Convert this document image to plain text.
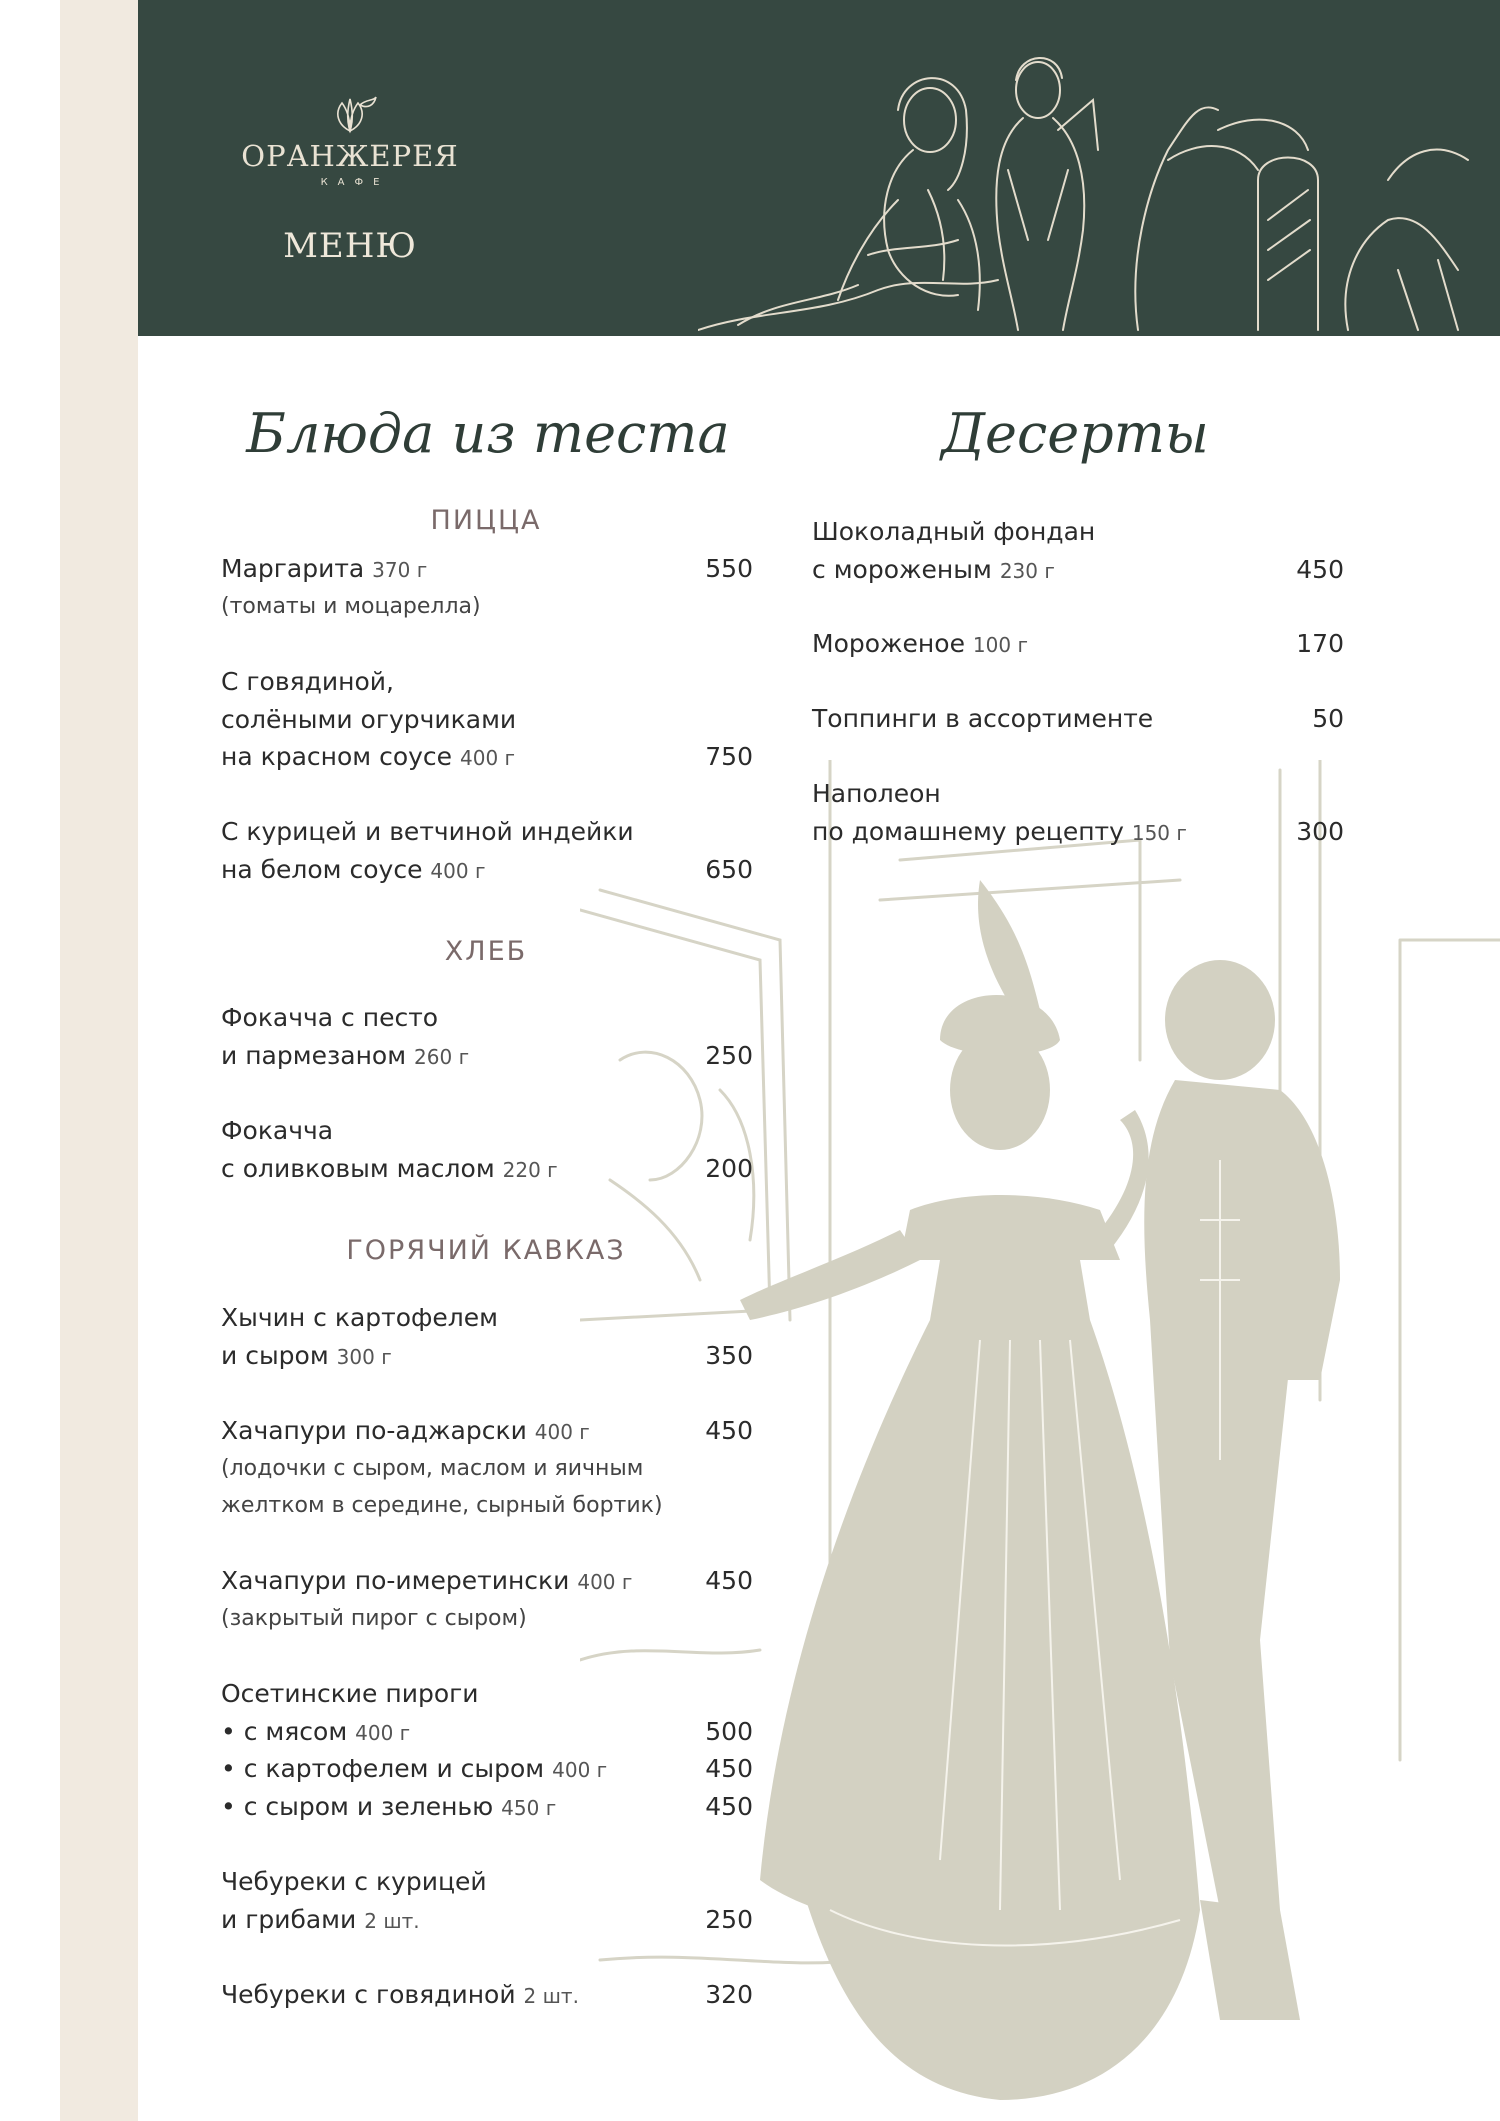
ОРАНЖЕРЕЯ
КАФЕ
МЕНЮ
Блюда из теста	Десерты
ПИЦЦА
Маргарита 370 г	550
(томаты и моцарелла)
С говядиной,
солёными огурчиками
на красном соусе 400 г	750
С курицей и ветчиной индейки
на белом соусе 400 г	650
ХЛЕБ
Фокачча с песто
и пармезаном 260 г	250
Фокачча
с оливковым маслом 220 г	200
ГОРЯЧИЙ КАВКАЗ
Хычин с картофелем
и сыром 300 г	350
Хачапури по-аджарски 400 г	450
(лодочки с сыром, маслом и яичным
желтком в середине, сырный бортик)
Хачапури по-имеретински 400 г	450
(закрытый пирог с сыром)
Осетинские пироги
• с мясом 400 г	500
• с картофелем и сыром 400 г	450
• с сыром и зеленью 450 г	450
Чебуреки с курицей
и грибами 2 шт.	250
Чебуреки с говядиной 2 шт.	320
Шоколадный фондан
с мороженым 230 г	450
Мороженое 100 г	170
Топпинги в ассортименте	50
Наполеон
по домашнему рецепту 150 г	300
